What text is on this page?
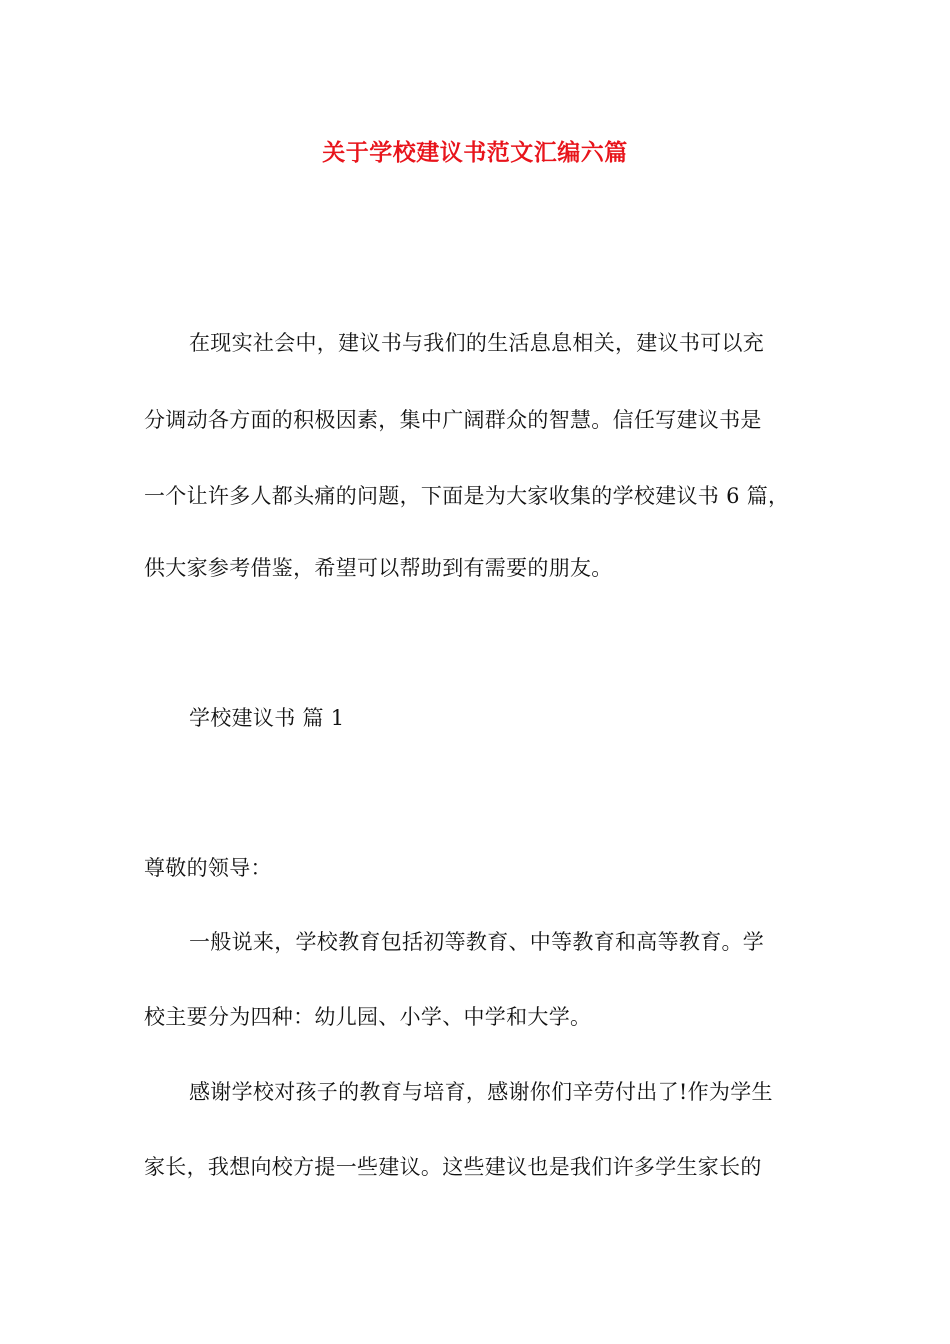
关于学校建议书范文汇编六篇
在现实社会中，建议书与我们的生活息息相关，建议书可以充
分调动各方面的积极因素，集中广阔群众的智慧。信任写建议书是
一个让许多人都头痛的问题，下面是为大家收集的学校建议书 6 篇，
供大家参考借鉴，希望可以帮助到有需要的朋友。
学校建议书 篇 1
尊敬的领导：
一般说来，学校教育包括初等教育、中等教育和高等教育。学
校主要分为四种：幼儿园、小学、中学和大学。
感谢学校对孩子的教育与培育，感谢你们辛劳付出了!作为学生
家长，我想向校方提一些建议。这些建议也是我们许多学生家长的
